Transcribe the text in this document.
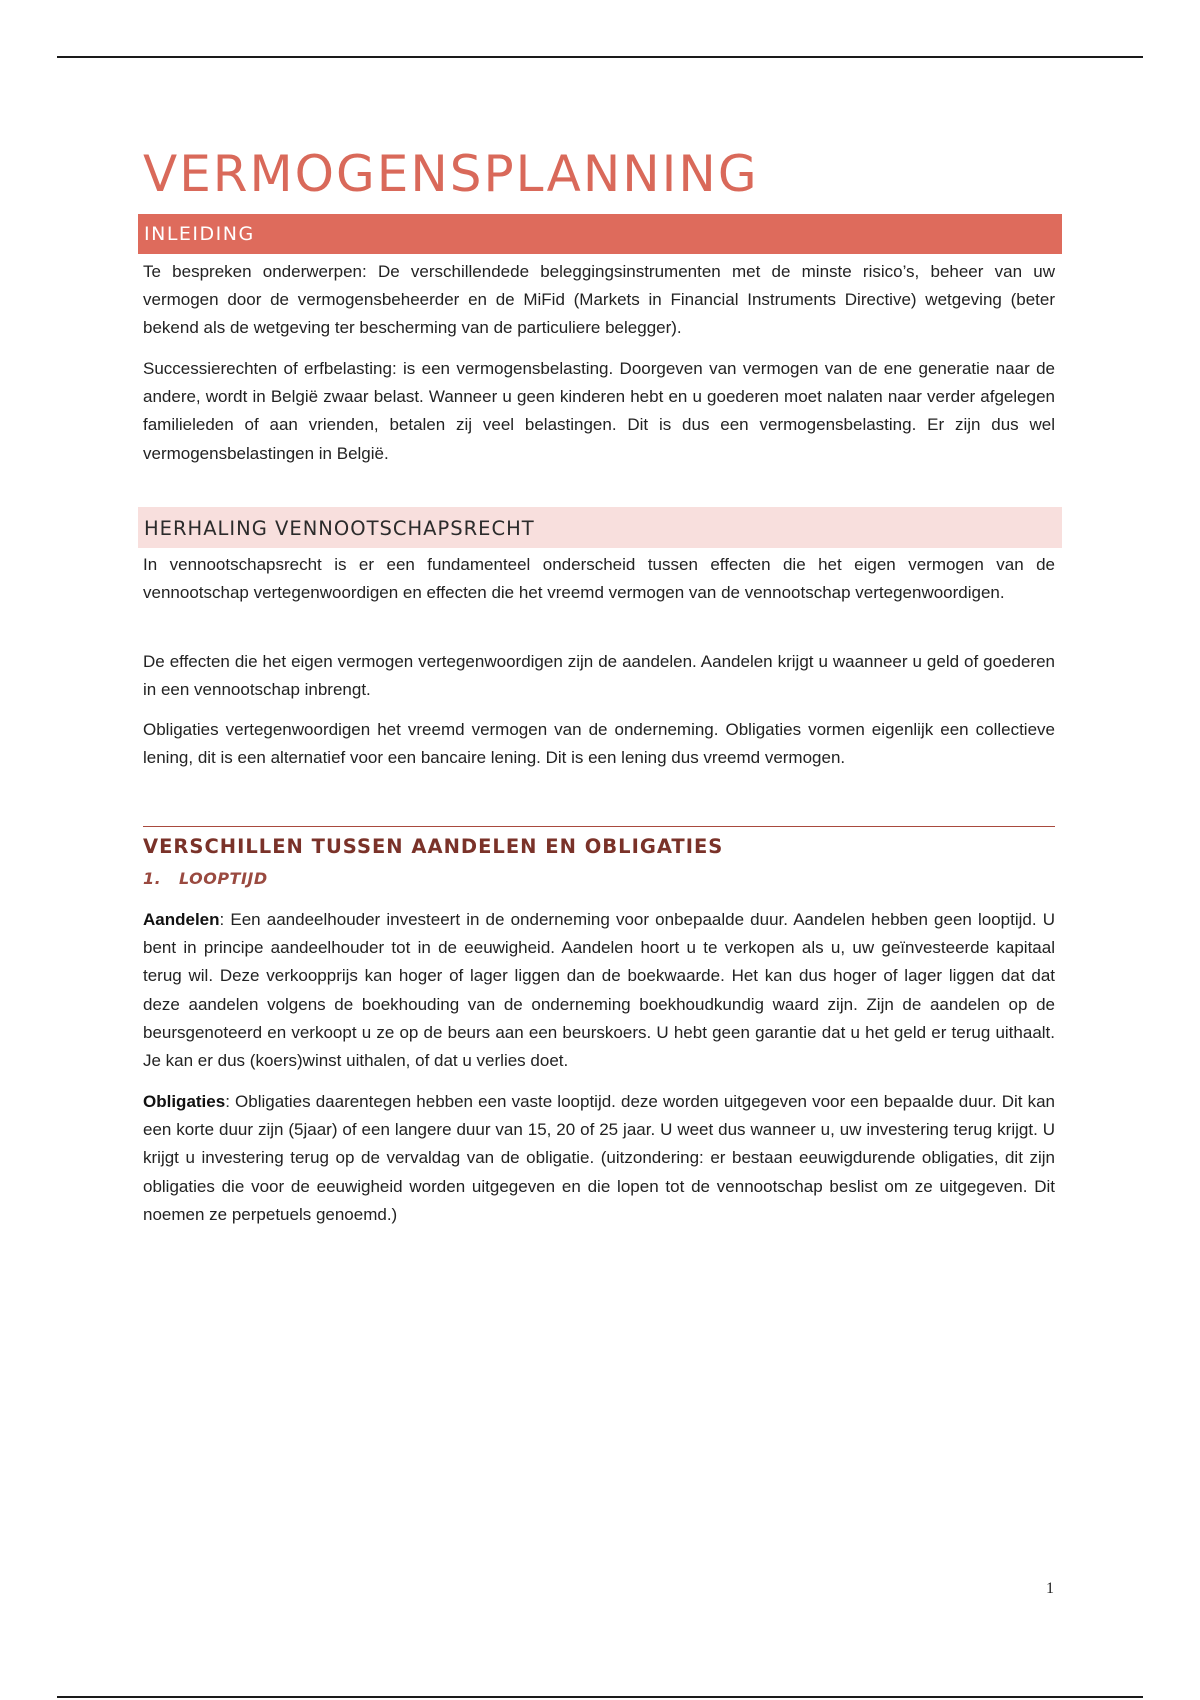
VERMOGENSPLANNING
INLEIDING

Te bespreken onderwerpen: De verschillendede beleggingsinstrumenten met de minste risico’s, beheer van uw vermogen door de vermogensbeheerder en de MiFid (Markets in Financial Instruments Directive) wetgeving (beter bekend als de wetgeving ter bescherming van de particuliere belegger).

Successierechten of erfbelasting: is een vermogensbelasting. Doorgeven van vermogen van de ene generatie naar de andere, wordt in België zwaar belast. Wanneer u geen kinderen hebt en u goederen moet nalaten naar verder afgelegen familieleden of aan vrienden, betalen zij veel belastingen. Dit is dus een vermogensbelasting. Er zijn dus wel vermogensbelastingen in België.

HERHALING VENNOOTSCHAPSRECHT

In vennootschapsrecht is er een fundamenteel onderscheid tussen effecten die het eigen vermogen van de vennootschap vertegenwoordigen en effecten die het vreemd vermogen van de vennootschap vertegenwoordigen.

De effecten die het eigen vermogen vertegenwoordigen zijn de aandelen. Aandelen krijgt u waanneer u geld of goederen in een vennootschap inbrengt.

Obligaties vertegenwoordigen het vreemd vermogen van de onderneming. Obligaties vormen eigenlijk een collectieve lening, dit is een alternatief voor een bancaire lening. Dit is een lening dus vreemd vermogen.

VERSCHILLEN TUSSEN AANDELEN EN OBLIGATIES
1. LOOPTIJD

Aandelen: Een aandeelhouder investeert in de onderneming voor onbepaalde duur. Aandelen hebben geen looptijd. U bent in principe aandeelhouder tot in de eeuwigheid. Aandelen hoort u te verkopen als u, uw geïnvesteerde kapitaal terug wil. Deze verkoopprijs kan hoger of lager liggen dan de boekwaarde. Het kan dus hoger of lager liggen dat dat deze aandelen volgens de boekhouding van de onderneming boekhoudkundig waard zijn. Zijn de aandelen op de beursgenoteerd en verkoopt u ze op de beurs aan een beurskoers. U hebt geen garantie dat u het geld er terug uithaalt. Je kan er dus (koers)winst uithalen, of dat u verlies doet.

Obligaties: Obligaties daarentegen hebben een vaste looptijd. deze worden uitgegeven voor een bepaalde duur. Dit kan een korte duur zijn (5jaar) of een langere duur van 15, 20 of 25 jaar. U weet dus wanneer u, uw investering terug krijgt. U krijgt u investering terug op de vervaldag van de obligatie. (uitzondering: er bestaan eeuwigdurende obligaties, dit zijn obligaties die voor de eeuwigheid worden uitgegeven en die lopen tot de vennootschap beslist om ze uitgegeven. Dit noemen ze perpetuels genoemd.)

1
